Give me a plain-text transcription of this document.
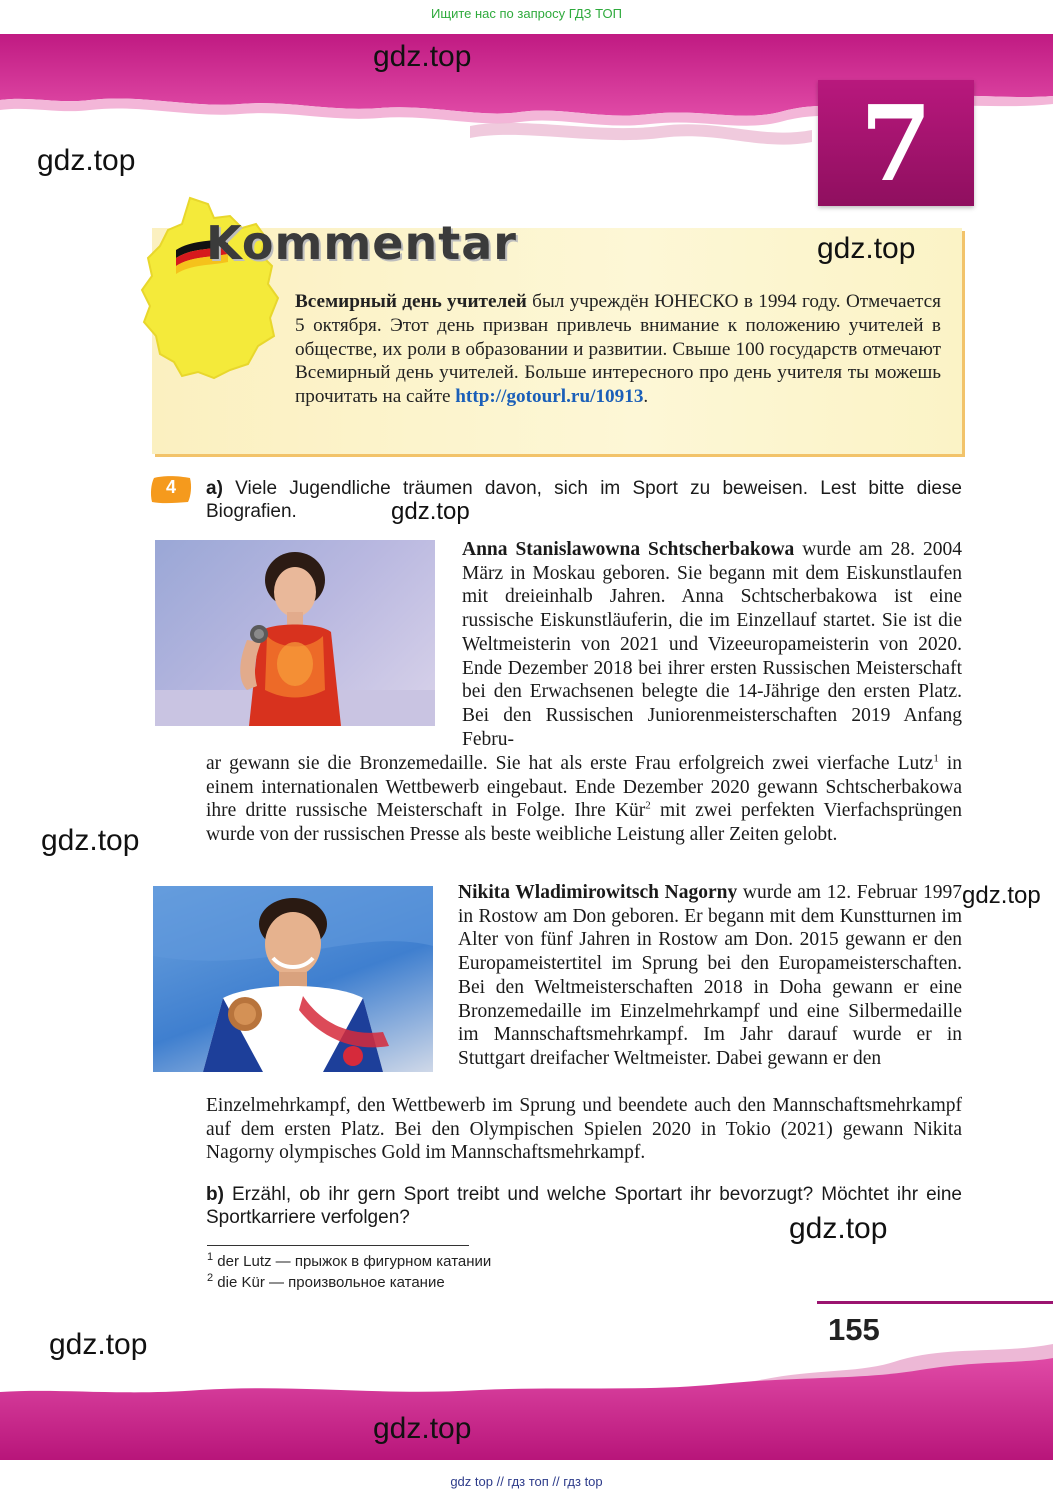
Ищите нас по запросу ГДЗ ТОП
7
Kommentar
Всемирный день учителей был учреждён ЮНЕСКО в 1994 году. Отмечается 5 октября. Этот день призван привлечь внимание к положению учителей в обществе, их роли в образовании и развитии. Свыше 100 государств отмечают Всемирный день учителей. Больше интересного про день учителя ты можешь прочитать на сайте http://gotourl.ru/10913.
4	a) Viele Jugendliche träumen davon, sich im Sport zu beweisen. Lest bitte diese Biografien.
Anna Stanislawowna Schtscherbakowa wurde am 28. 2004 März in Moskau geboren. Sie begann mit dem Eiskunstlaufen mit dreieinhalb Jahren. Anna Schtscherbakowa ist eine russische Eiskunstläuferin, die im Einzellauf startet. Sie ist die Weltmeisterin von 2021 und Vizeeuropameisterin von 2020. Ende Dezember 2018 bei ihrer ersten Russischen Meisterschaft bei den Erwachsenen belegte die 14-Jährige den ersten Platz. Bei den Russischen Juniorenmeisterschaften 2019 Anfang Febru-
ar gewann sie die Bronzemedaille. Sie hat als erste Frau erfolgreich zwei vierfache Lutz$^1$ in einem internationalen Wettbewerb eingebaut. Ende Dezember 2020 gewann Schtscherbakowa ihre dritte russische Meisterschaft in Folge. Ihre Kür$^2$ mit zwei perfekten Vierfachsprüngen wurde von der russischen Presse als beste weibliche Leistung aller Zeiten gelobt.
Nikita Wladimirowitsch Nagorny wurde am 12. Februar 1997 in Rostow am Don geboren. Er begann mit dem Kunstturnen im Alter von fünf Jahren in Rostow am Don. 2015 gewann er den Europameistertitel im Sprung bei den Europameisterschaften. Bei den Weltmeisterschaften 2018 in Doha gewann er eine Bronzemedaille im Einzelmehrkampf und eine Silbermedaille im Mannschaftsmehrkampf. Im Jahr darauf wurde er in Stuttgart dreifacher Weltmeister. Dabei gewann er den
Einzelmehrkampf, den Wettbewerb im Sprung und beendete auch den Mannschaftsmehrkampf auf dem ersten Platz. Bei den Olympischen Spielen 2020 in Tokio (2021) gewann Nikita Nagorny olympisches Gold im Mannschaftsmehrkampf.
b) Erzähl, ob ihr gern Sport treibt und welche Sportart ihr bevorzugt? Möchtet ihr eine Sportkarriere verfolgen?
$^1$ der Lutz — прыжок в фигурном катании
$^2$ die Kür — произвольное катание
155
gdz.top
gdz.top
gdz.top
gdz.top
gdz.top
gdz.top
gdz.top
gdz.top
gdz.top
gdz top // гдз топ // гдз top
